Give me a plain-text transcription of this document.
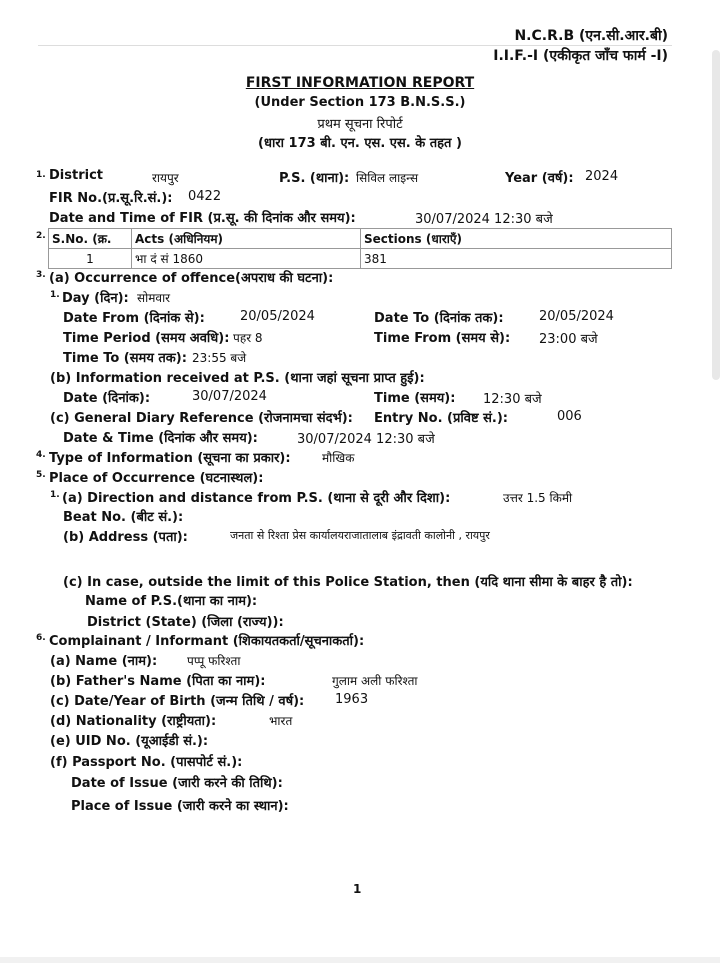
N.C.R.B (एन.सी.आर.बी)
I.I.F.-I (एकीकृत जाँच फार्म -I)
FIRST INFORMATION REPORT
(Under Section 173 B.N.S.S.)
प्रथम सूचना रिपोर्ट
(धारा 173 बी. एन. एस. एस. के तहत )
1. District	रायपुर	P.S. (थाना): सिविल लाइन्स	Year (वर्ष): 2024
FIR No.(प्र.सू.रि.सं.): 0422
Date and Time of FIR (प्र.सू. की दिनांक और समय):	30/07/2024 12:30 बजे
2. S.No. (क्र.	Acts (अधिनियम)	Sections (धाराएँ)
1	भा दं सं 1860	381
3. (a) Occurrence of offence(अपराध की घटना):
1. Day (दिन): सोमवार
Date From (दिनांक से):	20/05/2024	Date To (दिनांक तक):	20/05/2024
Time Period (समय अवधि): पहर 8	Time From (समय से): 23:00 बजे
Time To (समय तक): 23:55 बजे
(b) Information received at P.S. (थाना जहां सूचना प्राप्त हुई):
Date (दिनांक):	30/07/2024	Time (समय): 12:30 बजे
(c) General Diary Reference (रोजनामचा संदर्भ): Entry No. (प्रविष्ट सं.):	006
Date & Time (दिनांक और समय):	30/07/2024 12:30 बजे
4. Type of Information (सूचना का प्रकार):	मौखिक
5. Place of Occurrence (घटनास्थल):
1. (a) Direction and distance from P.S. (थाना से दूरी और दिशा):	उत्तर 1.5 किमी
Beat No. (बीट सं.):
(b) Address (पता):	जनता से रिश्ता प्रेस कार्यालयराजातालाब इंद्रावती कालोनी , रायपुर
(c) In case, outside the limit of this Police Station, then (यदि थाना सीमा के बाहर है तो):
Name of P.S.(थाना का नाम):
District (State) (जिला (राज्य)):
6. Complainant / Informant (शिकायतकर्ता/सूचनाकर्ता):
(a) Name (नाम): पप्पू फरिश्ता
(b) Father's Name (पिता का नाम):	गुलाम अली फरिश्ता
(c) Date/Year of Birth (जन्म तिथि / वर्ष): 1963
(d) Nationality (राष्ट्रीयता):	भारत
(e) UID No. (यूआईडी सं.):
(f) Passport No. (पासपोर्ट सं.):
Date of Issue (जारी करने की तिथि):
Place of Issue (जारी करने का स्थान):
1
